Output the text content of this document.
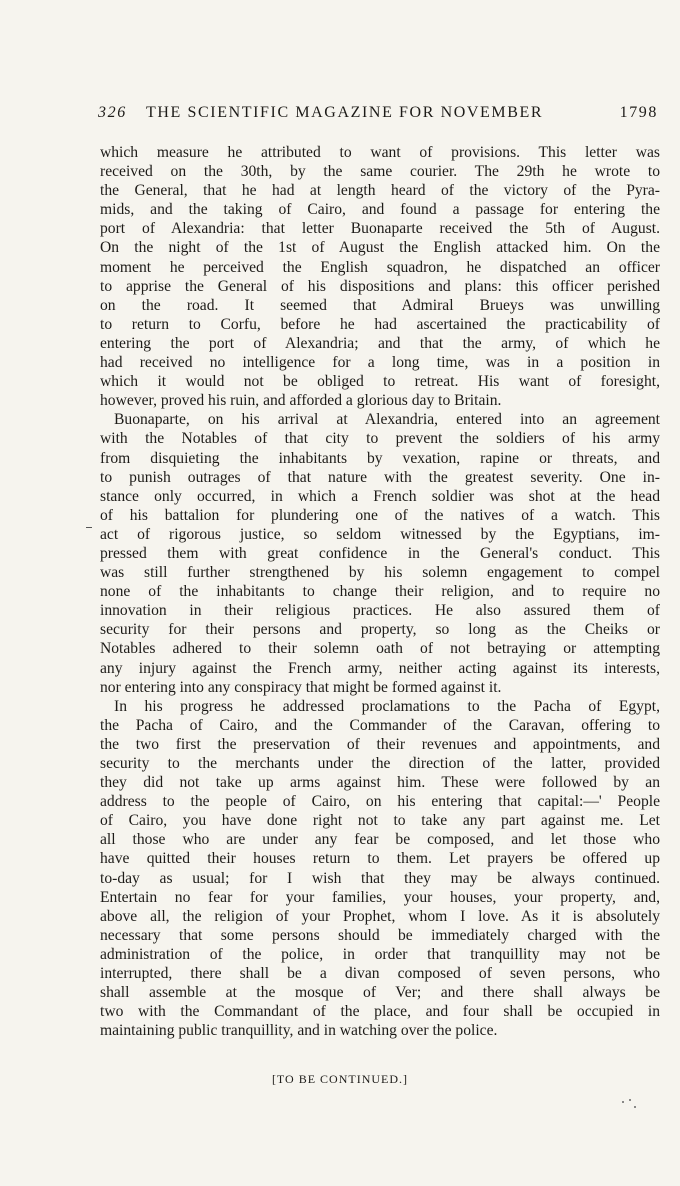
326 THE SCIENTIFIC MAGAZINE FOR NOVEMBER	1798
which measure he attributed to want of provisions. This letter was
received on the 30th, by the same courier. The 29th he wrote to
the General, that he had at length heard of the victory of the Pyra-
mids, and the taking of Cairo, and found a passage for entering the
port of Alexandria: that letter Buonaparte received the 5th of August.
On the night of the 1st of August the English attacked him. On the
moment he perceived the English squadron, he dispatched an officer
to apprise the General of his dispositions and plans: this officer perished
on the road. It seemed that Admiral Brueys was unwilling
to return to Corfu, before he had ascertained the practicability of
entering the port of Alexandria; and that the army, of which he
had received no intelligence for a long time, was in a position in
which it would not be obliged to retreat. His want of foresight,
however, proved his ruin, and afforded a glorious day to Britain.
Buonaparte, on his arrival at Alexandria, entered into an agreement
with the Notables of that city to prevent the soldiers of his army
from disquieting the inhabitants by vexation, rapine or threats, and
to punish outrages of that nature with the greatest severity. One in-
stance only occurred, in which a French soldier was shot at the head
of his battalion for plundering one of the natives of a watch. This
act of rigorous justice, so seldom witnessed by the Egyptians, im-
pressed them with great confidence in the General's conduct. This
was still further strengthened by his solemn engagement to compel
none of the inhabitants to change their religion, and to require no
innovation in their religious practices. He also assured them of
security for their persons and property, so long as the Cheiks or
Notables adhered to their solemn oath of not betraying or attempting
any injury against the French army, neither acting against its interests,
nor entering into any conspiracy that might be formed against it.
In his progress he addressed proclamations to the Pacha of Egypt,
the Pacha of Cairo, and the Commander of the Caravan, offering to
the two first the preservation of their revenues and appointments, and
security to the merchants under the direction of the latter, provided
they did not take up arms against him. These were followed by an
address to the people of Cairo, on his entering that capital:—' People
of Cairo, you have done right not to take any part against me. Let
all those who are under any fear be composed, and let those who
have quitted their houses return to them. Let prayers be offered up
to-day as usual; for I wish that they may be always continued.
Entertain no fear for your families, your houses, your property, and,
above all, the religion of your Prophet, whom I love. As it is absolutely
necessary that some persons should be immediately charged with the
administration of the police, in order that tranquillity may not be
interrupted, there shall be a divan composed of seven persons, who
shall assemble at the mosque of Ver; and there shall always be
two with the Commandant of the place, and four shall be occupied in
maintaining public tranquillity, and in watching over the police.
[TO BE CONTINUED.]
